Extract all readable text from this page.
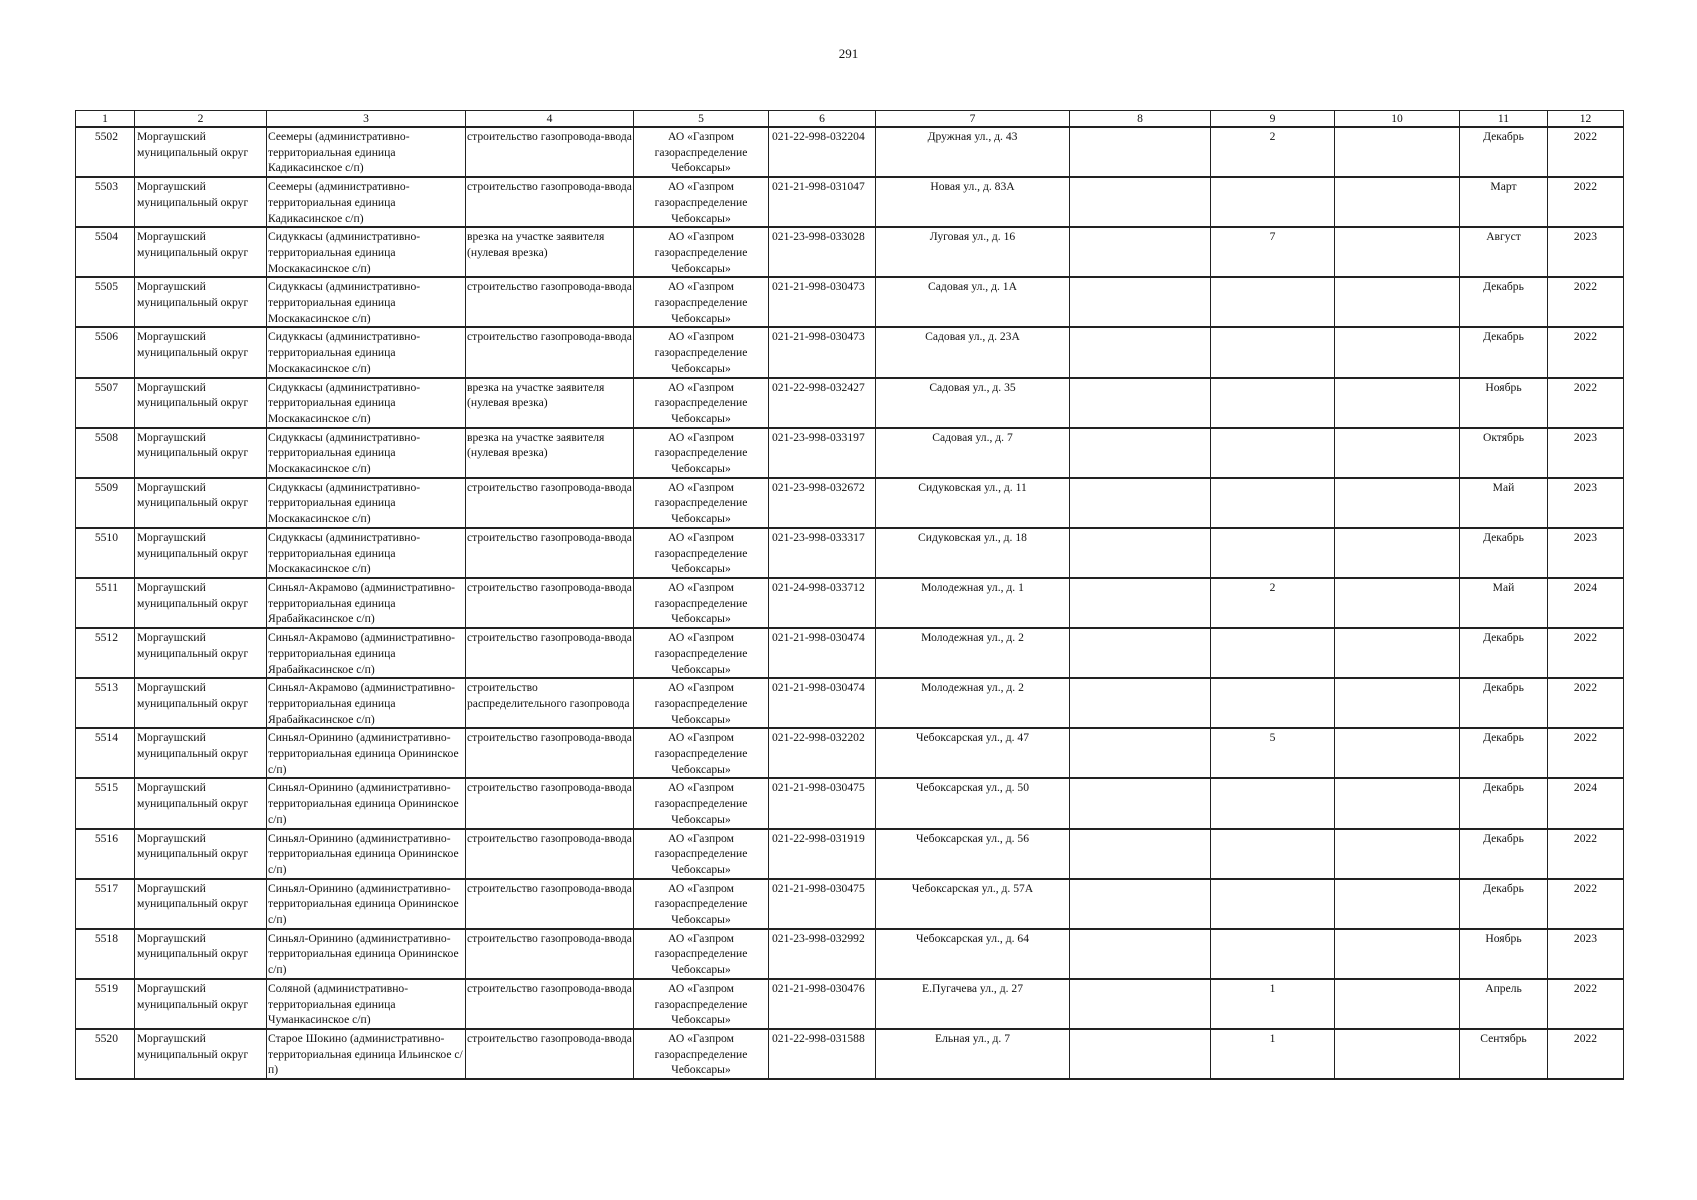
291
1	2	3	4	5	6	7	8	9	10	11	12
5502	Моргаушский муниципальный округ	Сеемеры (административно-территориальная единица Кадикасинское с/п)	строительство газопровода-ввода	АО «Газпром газораспределение Чебоксары»	021-22-998-032204	Дружная ул., д. 43		2		Декабрь	2022
5503	Моргаушский муниципальный округ	Сеемеры (административно-территориальная единица Кадикасинское с/п)	строительство газопровода-ввода	АО «Газпром газораспределение Чебоксары»	021-21-998-031047	Новая ул., д. 83А				Март	2022
5504	Моргаушский муниципальный округ	Сидуккасы (административно-территориальная единица Москакасинское с/п)	врезка на участке заявителя (нулевая врезка)	АО «Газпром газораспределение Чебоксары»	021-23-998-033028	Луговая ул., д. 16		7		Август	2023
5505	Моргаушский муниципальный округ	Сидуккасы (административно-территориальная единица Москакасинское с/п)	строительство газопровода-ввода	АО «Газпром газораспределение Чебоксары»	021-21-998-030473	Садовая ул., д. 1А				Декабрь	2022
5506	Моргаушский муниципальный округ	Сидуккасы (административно-территориальная единица Москакасинское с/п)	строительство газопровода-ввода	АО «Газпром газораспределение Чебоксары»	021-21-998-030473	Садовая ул., д. 23А				Декабрь	2022
5507	Моргаушский муниципальный округ	Сидуккасы (административно-территориальная единица Москакасинское с/п)	врезка на участке заявителя (нулевая врезка)	АО «Газпром газораспределение Чебоксары»	021-22-998-032427	Садовая ул., д. 35				Ноябрь	2022
5508	Моргаушский муниципальный округ	Сидуккасы (административно-территориальная единица Москакасинское с/п)	врезка на участке заявителя (нулевая врезка)	АО «Газпром газораспределение Чебоксары»	021-23-998-033197	Садовая ул., д. 7				Октябрь	2023
5509	Моргаушский муниципальный округ	Сидуккасы (административно-территориальная единица Москакасинское с/п)	строительство газопровода-ввода	АО «Газпром газораспределение Чебоксары»	021-23-998-032672	Сидуковская ул., д. 11				Май	2023
5510	Моргаушский муниципальный округ	Сидуккасы (административно-территориальная единица Москакасинское с/п)	строительство газопровода-ввода	АО «Газпром газораспределение Чебоксары»	021-23-998-033317	Сидуковская ул., д. 18				Декабрь	2023
5511	Моргаушский муниципальный округ	Синьял-Акрамово (административно-территориальная единица Ярабайкасинское с/п)	строительство газопровода-ввода	АО «Газпром газораспределение Чебоксары»	021-24-998-033712	Молодежная ул., д. 1		2		Май	2024
5512	Моргаушский муниципальный округ	Синьял-Акрамово (административно-территориальная единица Ярабайкасинское с/п)	строительство газопровода-ввода	АО «Газпром газораспределение Чебоксары»	021-21-998-030474	Молодежная ул., д. 2				Декабрь	2022
5513	Моргаушский муниципальный округ	Синьял-Акрамово (административно-территориальная единица Ярабайкасинское с/п)	строительство распределительного газопровода	АО «Газпром газораспределение Чебоксары»	021-21-998-030474	Молодежная ул., д. 2				Декабрь	2022
5514	Моргаушский муниципальный округ	Синьял-Оринино (административно-территориальная единица Орининское с/п)	строительство газопровода-ввода	АО «Газпром газораспределение Чебоксары»	021-22-998-032202	Чебоксарская ул., д. 47		5		Декабрь	2022
5515	Моргаушский муниципальный округ	Синьял-Оринино (административно-территориальная единица Орининское с/п)	строительство газопровода-ввода	АО «Газпром газораспределение Чебоксары»	021-21-998-030475	Чебоксарская ул., д. 50				Декабрь	2024
5516	Моргаушский муниципальный округ	Синьял-Оринино (административно-территориальная единица Орининское с/п)	строительство газопровода-ввода	АО «Газпром газораспределение Чебоксары»	021-22-998-031919	Чебоксарская ул., д. 56				Декабрь	2022
5517	Моргаушский муниципальный округ	Синьял-Оринино (административно-территориальная единица Орининское с/п)	строительство газопровода-ввода	АО «Газпром газораспределение Чебоксары»	021-21-998-030475	Чебоксарская ул., д. 57А				Декабрь	2022
5518	Моргаушский муниципальный округ	Синьял-Оринино (административно-территориальная единица Орининское с/п)	строительство газопровода-ввода	АО «Газпром газораспределение Чебоксары»	021-23-998-032992	Чебоксарская ул., д. 64				Ноябрь	2023
5519	Моргаушский муниципальный округ	Соляной (административно-территориальная единица Чуманкасинское с/п)	строительство газопровода-ввода	АО «Газпром газораспределение Чебоксары»	021-21-998-030476	Е.Пугачева ул., д. 27		1		Апрель	2022
5520	Моргаушский муниципальный округ	Старое Шокино (административно-территориальная единица Ильинское с/п)	строительство газопровода-ввода	АО «Газпром газораспределение Чебоксары»	021-22-998-031588	Ельная ул., д. 7		1		Сентябрь	2022
